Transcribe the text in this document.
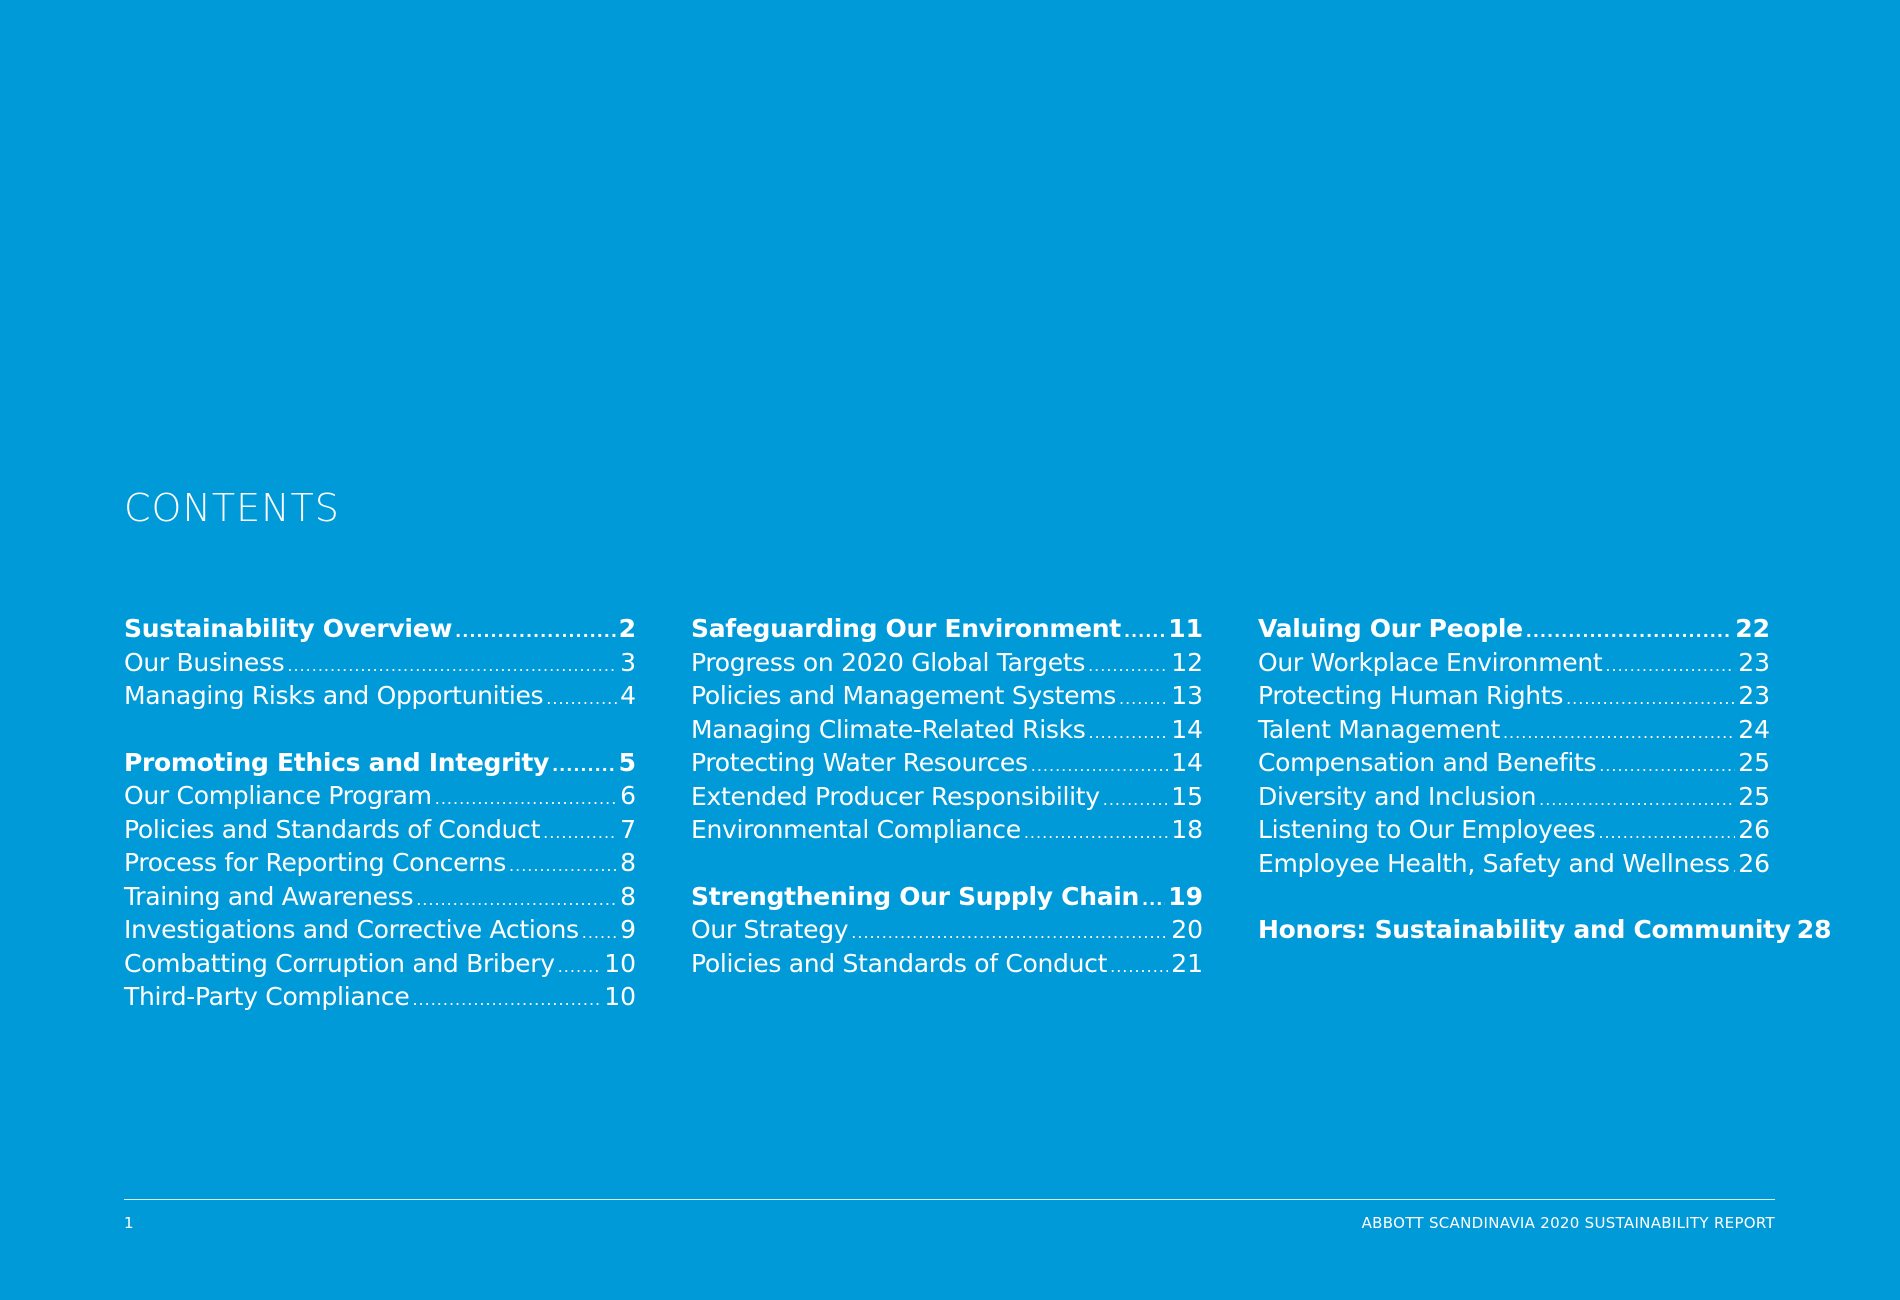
CONTENTS
Sustainability Overview .....	2
Our Business .....	3
Managing Risks and Opportunities .....	4
Promoting Ethics and Integrity .....	5
Our Compliance Program .....	6
Policies and Standards of Conduct .....	7
Process for Reporting Concerns .....	8
Training and Awareness .....	8
Investigations and Corrective Actions ..... 9
Combatting Corruption and Bribery ..... 10
Third-Party Compliance .....	10
Safeguarding Our Environment ..... 11
Progress on 2020 Global Targets .....	12
Policies and Management Systems ..... 13
Managing Climate-Related Risks .....	14
Protecting Water Resources .....	14
Extended Producer Responsibility .....	15
Environmental Compliance .....	18
Strengthening Our Supply Chain ..... 19
Our Strategy .....	20
Policies and Standards of Conduct .....	21
Valuing Our People .....	22
Our Workplace Environment .....	23
Protecting Human Rights .....	23
Talent Management .....	24
Compensation and Benefits .....	25
Diversity and Inclusion .....	25
Listening to Our Employees .....	26
Employee Health, Safety and Wellness ..... 26
Honors: Sustainability and Community 28
1	ABBOTT SCANDINAVIA 2020 SUSTAINABILITY REPORT
